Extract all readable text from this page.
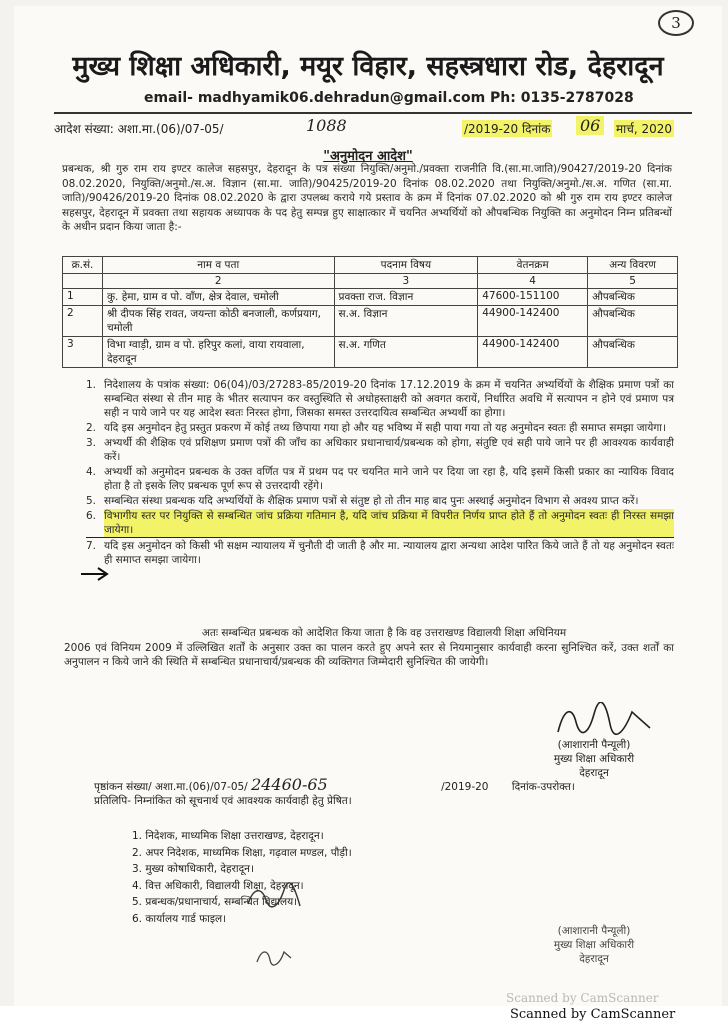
3
मुख्य शिक्षा अधिकारी, मयूर विहार, सहस्त्रधारा रोड, देहरादून
email- madhyamik06.dehradun@gmail.com Ph: 0135-2787028
आदेश संख्या: अशा.मा.(06)/07-05/	1088	/2019-20 दिनांक 06	मार्च, 2020
"अनुमोदन आदेश"
प्रबन्धक, श्री गुरु राम राय इण्टर कालेज सहसपुर, देहरादून के पत्र संख्या नियुक्ति/अनुमो./प्रवक्ता राजनीति वि.(सा.मा.जाति)/90427/2019-20 दिनांक 08.02.2020, नियुक्ति/अनुमो./स.अ. विज्ञान (सा.मा. जाति)/90425/2019-20 दिनांक 08.02.2020 तथा नियुक्ति/अनुमो./स.अ. गणित (सा.मा. जाति)/90426/2019-20 दिनांक 08.02.2020 के द्वारा उपलब्ध कराये गये प्रस्ताव के क्रम में दिनांक 07.02.2020 को श्री गुरु राम राय इण्टर कालेज सहसपुर, देहरादून में प्रवक्ता तथा सहायक अध्यापक के पद हेतु सम्पन्न हुए साक्षात्कार में चयनित अभ्यर्थियों को औपबन्धिक नियुक्ति का अनुमोदन निम्न प्रतिबन्धों के अधीन प्रदान किया जाता है:-
क्र.सं.	नाम व पता	पदनाम विषय	वेतनक्रम	अन्य विवरण
	2	3	4	5
1	कु. हेमा, ग्राम व पो. वाँण, क्षेत्र देवाल, चमोली	प्रवक्ता राज. विज्ञान	47600-151100	औपबन्धिक
2	श्री दीपक सिंह रावत, जयन्ता कोठी बनजाली, कर्णप्रयाग, चमोली	स.अ. विज्ञान	44900-142400	औपबन्धिक
3	विभा ग्वाड़ी, ग्राम व पो. हरिपुर कलां, वाया रायवाला, देहरादून	स.अ. गणित	44900-142400	औपबन्धिक
1. निदेशालय के पत्रांक संख्या: 06(04)/03/27283-85/2019-20 दिनांक 17.12.2019 के क्रम में चयनित अभ्यर्थियों के शैक्षिक प्रमाण पत्रों का सम्बन्धित संस्था से तीन माह के भीतर सत्यापन कर वस्तुस्थिति से अधोहस्ताक्षरी को अवगत करायें, निर्धारित अवधि में सत्यापन न होने एवं प्रमाण पत्र सही न पाये जाने पर यह आदेश स्वतः निरस्त होगा, जिसका समस्त उत्तरदायित्व सम्बन्धित अभ्यर्थी का होगा।
2. यदि इस अनुमोदन हेतु प्रस्तुत प्रकरण में कोई तथ्य छिपाया गया हो और यह भविष्य में सही पाया गया तो यह अनुमोदन स्वतः ही समाप्त समझा जायेगा।
3. अभ्यर्थी की शैक्षिक एवं प्रशिक्षण प्रमाण पत्रों की जाँच का अधिकार प्रधानाचार्य/प्रबन्धक को होगा, संतुष्टि एवं सही पाये जाने पर ही आवश्यक कार्यवाही करें।
4. अभ्यर्थी को अनुमोदन प्रबन्धक के उक्त वर्णित पत्र में प्रथम पद पर चयनित माने जाने पर दिया जा रहा है, यदि इसमें किसी प्रकार का न्यायिक विवाद होता है तो इसके लिए प्रबन्धक पूर्ण रूप से उत्तरदायी रहेंगे।
5. सम्बन्धित संस्था प्रबन्धक यदि अभ्यर्थियों के शैक्षिक प्रमाण पत्रों से संतुष्ट हो तो तीन माह बाद पुनः अस्थाई अनुमोदन विभाग से अवश्य प्राप्त करें।
6. विभागीय स्तर पर नियुक्ति से सम्बन्धित जांच प्रक्रिया गतिमान है, यदि जांच प्रक्रिया में विपरीत निर्णय प्राप्त होते हैं तो अनुमोदन स्वतः ही निरस्त समझा जायेगा।
7. यदि इस अनुमोदन को किसी भी सक्षम न्यायालय में चुनौती दी जाती है और मा. न्यायालय द्वारा अन्यथा आदेश पारित किये जाते हैं तो यह अनुमोदन स्वतः ही समाप्त समझा जायेगा।
अतः सम्बन्धित प्रबन्धक को आदेशित किया जाता है कि वह उत्तराखण्ड विद्यालयी शिक्षा अधिनियम
2006 एवं विनियम 2009 में उल्लिखित शर्तों के अनुसार उक्त का पालन करते हुए अपने स्तर से नियमानुसार कार्यवाही करना सुनिश्चित करें, उक्त शर्तों का अनुपालन न किये जाने की स्थिति में सम्बन्धित प्रधानाचार्य/प्रबन्धक की व्यक्तिगत जिम्मेदारी सुनिश्चित की जायेगी।
(आशारानी पैन्यूली)
मुख्य शिक्षा अधिकारी
देहरादून
पृष्ठांकन संख्या/ अशा.मा.(06)/07-05/ 24460-65	/2019-20 दिनांक-उपरोक्त।
प्रतिलिपि- निम्नांकित को सूचनार्थ एवं आवश्यक कार्यवाही हेतु प्रेषित।
1. निदेशक, माध्यमिक शिक्षा उत्तराखण्ड, देहरादून।
2. अपर निदेशक, माध्यमिक शिक्षा, गढ़वाल मण्डल, पौड़ी।
3. मुख्य कोषाधिकारी, देहरादून।
4. वित्त अधिकारी, विद्यालयी शिक्षा, देहरादून।
5. प्रबन्धक/प्रधानाचार्य, सम्बन्धित विद्यालय।
6. कार्यालय गार्ड फाइल।
(आशारानी पैन्यूली)
मुख्य शिक्षा अधिकारी
देहरादून
Scanned by CamScanner
Scanned by CamScanner
